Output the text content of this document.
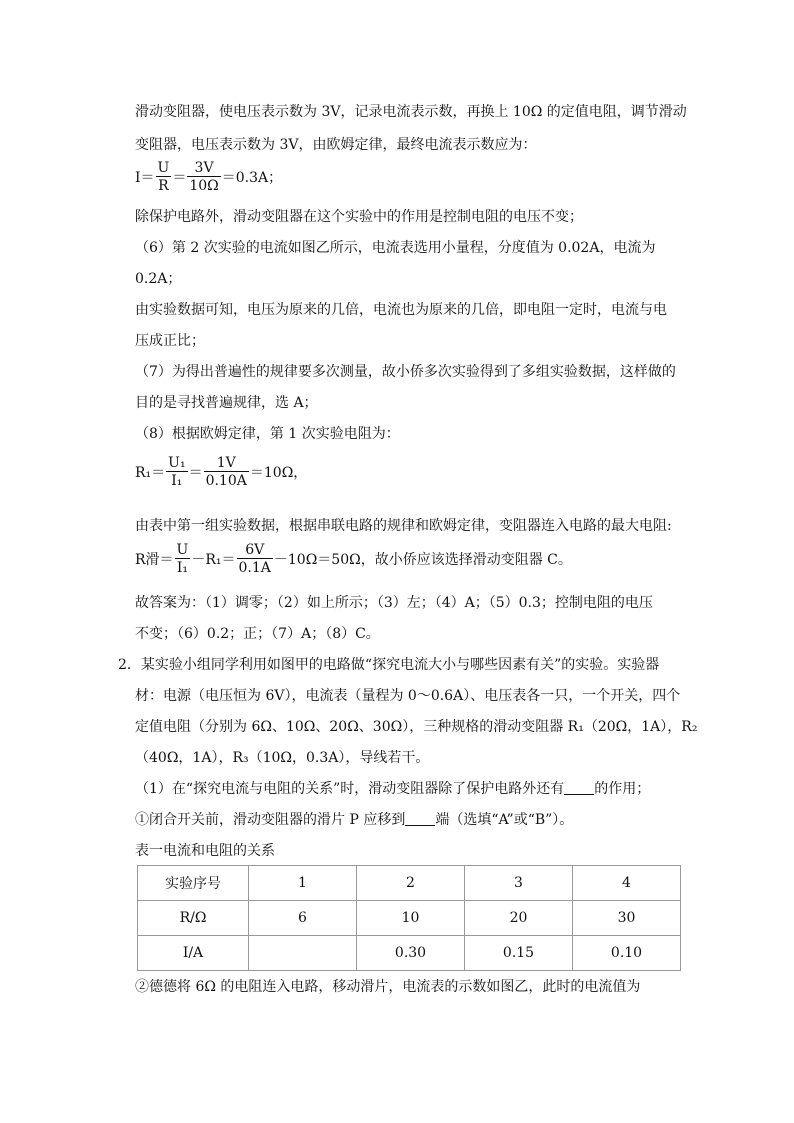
滑动变阻器，使电压表示数为 3V，记录电流表示数，再换上 10Ω 的定值电阻，调节滑动
变阻器，电压表示数为 3V，由欧姆定律，最终电流表示数应为：
$I= \frac{U}{R} = \frac{3V}{10\Omega} =0.3A$；
除保护电路外，滑动变阻器在这个实验中的作用是控制电阻的电压不变；
（6）第 2 次实验的电流如图乙所示，电流表选用小量程，分度值为 0.02A，电流为
0.2A；
由实验数据可知，电压为原来的几倍，电流也为原来的几倍，即电阻一定时，电流与电
压成正比；
（7）为得出普遍性的规律要多次测量，故小侨多次实验得到了多组实验数据，这样做的
目的是寻找普遍规律，选 A；
（8）根据欧姆定律，第 1 次实验电阻为：
$R_1= \frac{\text{U₁}}{\text{I₁}} = \frac{1V}{0.10A} =10\Omega$，
由表中第一组实验数据，根据串联电路的规律和欧姆定律，变阻器连入电路的最大电阻:
R滑＝ $\frac{U}{\text{I₁}} -R_1= \frac{6V}{0.1A} -10\Omega=50\Omega$，故小侨应该选择滑动变阻器 C。
故答案为：（1）调零；（2）如上所示；（3）左；（4）A；（5）0.3；控制电阻的电压
不变；（6）0.2；正；（7）A；（8）C。
2．某实验小组同学利用如图甲的电路做“探究电流大小与哪些因素有关”的实验。实验器
材：电源（电压恒为 6V），电流表（量程为 0～0.6A）、电压表各一只，一个开关，四个
定值电阻（分别为 6Ω、10Ω、20Ω、30Ω），三种规格的滑动变阻器 R₁（20Ω，1A），R₂
（40Ω，1A），R₃（10Ω，0.3A），导线若干。
（1）在“探究电流与电阻的关系”时，滑动变阻器除了保护电路外还有 的作用；
①闭合开关前，滑动变阻器的滑片 P 应移到 端（选填“A”或“B”）。
表一电流和电阻的关系
实验序号	1	2	3	4
R/Ω	6	10	20	30
I/A		0.30	0.15	0.10
②德德将 6Ω 的电阻连入电路，移动滑片，电流表的示数如图乙，此时的电流值为
